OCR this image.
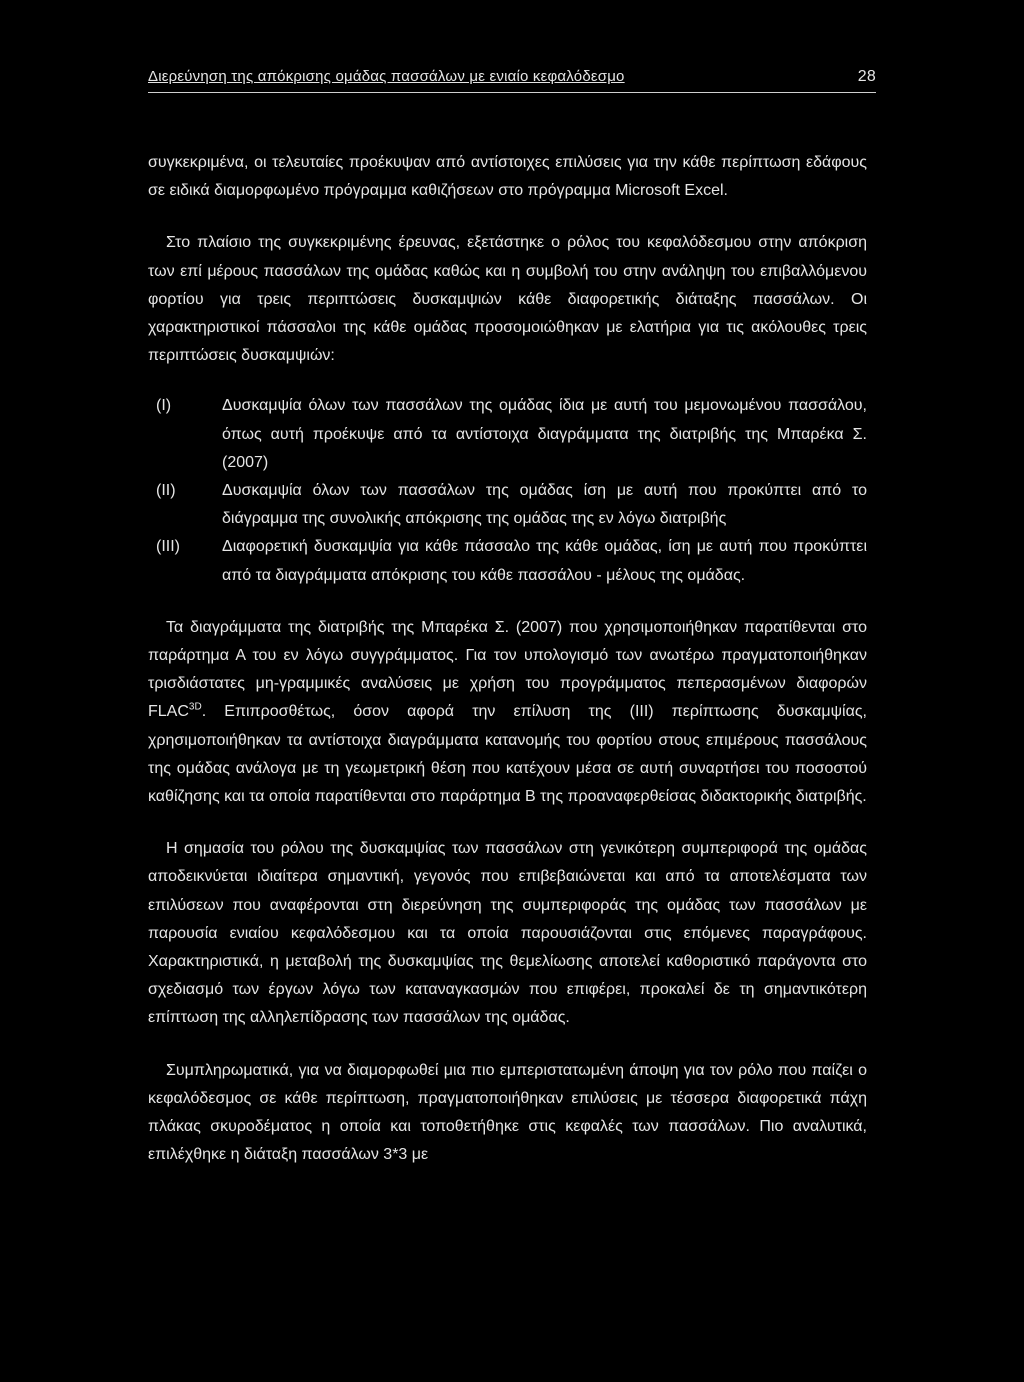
Διερεύνηση της απόκρισης ομάδας πασσάλων με ενιαίο κεφαλόδεσμο	28

συγκεκριμένα, οι τελευταίες προέκυψαν από αντίστοιχες επιλύσεις για την κάθε περίπτωση εδάφους σε ειδικά διαμορφωμένο πρόγραμμα καθιζήσεων στο πρόγραμμα Microsoft Excel.

Στο πλαίσιο της συγκεκριμένης έρευνας, εξετάστηκε ο ρόλος του κεφαλόδεσμου στην απόκριση των επί μέρους πασσάλων της ομάδας καθώς και η συμβολή του στην ανάληψη του επιβαλλόμενου φορτίου για τρεις περιπτώσεις δυσκαμψιών κάθε διαφορετικής διάταξης πασσάλων. Οι χαρακτηριστικοί πάσσαλοι της κάθε ομάδας προσομοιώθηκαν με ελατήρια για τις ακόλουθες τρεις περιπτώσεις δυσκαμψιών:

(Ι)	Δυσκαμψία όλων των πασσάλων της ομάδας ίδια με αυτή του μεμονωμένου πασσάλου, όπως αυτή προέκυψε από τα αντίστοιχα διαγράμματα της διατριβής της Μπαρέκα Σ. (2007)
(ΙΙ)	Δυσκαμψία όλων των πασσάλων της ομάδας ίση με αυτή που προκύπτει από το διάγραμμα της συνολικής απόκρισης της ομάδας της εν λόγω διατριβής
(ΙΙΙ)	Διαφορετική δυσκαμψία για κάθε πάσσαλο της κάθε ομάδας, ίση με αυτή που προκύπτει από τα διαγράμματα απόκρισης του κάθε πασσάλου - μέλους της ομάδας.

Τα διαγράμματα της διατριβής της Μπαρέκα Σ. (2007) που χρησιμοποιήθηκαν παρατίθενται στο παράρτημα Α του εν λόγω συγγράμματος. Για τον υπολογισμό των ανωτέρω πραγματοποιήθηκαν τρισδιάστατες μη-γραμμικές αναλύσεις με χρήση του προγράμματος πεπερασμένων διαφορών $FLAC^{3D}$. Επιπροσθέτως, όσον αφορά την επίλυση της (ΙΙΙ) περίπτωσης δυσκαμψίας, χρησιμοποιήθηκαν τα αντίστοιχα διαγράμματα κατανομής του φορτίου στους επιμέρους πασσάλους της ομάδας ανάλογα με τη γεωμετρική θέση που κατέχουν μέσα σε αυτή συναρτήσει του ποσοστού καθίζησης και τα οποία παρατίθενται στο παράρτημα Β της προαναφερθείσας διδακτορικής διατριβής.

Η σημασία του ρόλου της δυσκαμψίας των πασσάλων στη γενικότερη συμπεριφορά της ομάδας αποδεικνύεται ιδιαίτερα σημαντική, γεγονός που επιβεβαιώνεται και από τα αποτελέσματα των επιλύσεων που αναφέρονται στη διερεύνηση της συμπεριφοράς της ομάδας των πασσάλων με παρουσία ενιαίου κεφαλόδεσμου και τα οποία παρουσιάζονται στις επόμενες παραγράφους. Χαρακτηριστικά, η μεταβολή της δυσκαμψίας της θεμελίωσης αποτελεί καθοριστικό παράγοντα στο σχεδιασμό των έργων λόγω των καταναγκασμών που επιφέρει, προκαλεί δε τη σημαντικότερη επίπτωση της αλληλεπίδρασης των πασσάλων της ομάδας.

Συμπληρωματικά, για να διαμορφωθεί μια πιο εμπεριστατωμένη άποψη για τον ρόλο που παίζει ο κεφαλόδεσμος σε κάθε περίπτωση, πραγματοποιήθηκαν επιλύσεις με τέσσερα διαφορετικά πάχη πλάκας σκυροδέματος η οποία και τοποθετήθηκε στις κεφαλές των πασσάλων. Πιο αναλυτικά, επιλέχθηκε η διάταξη πασσάλων 3*3 με
